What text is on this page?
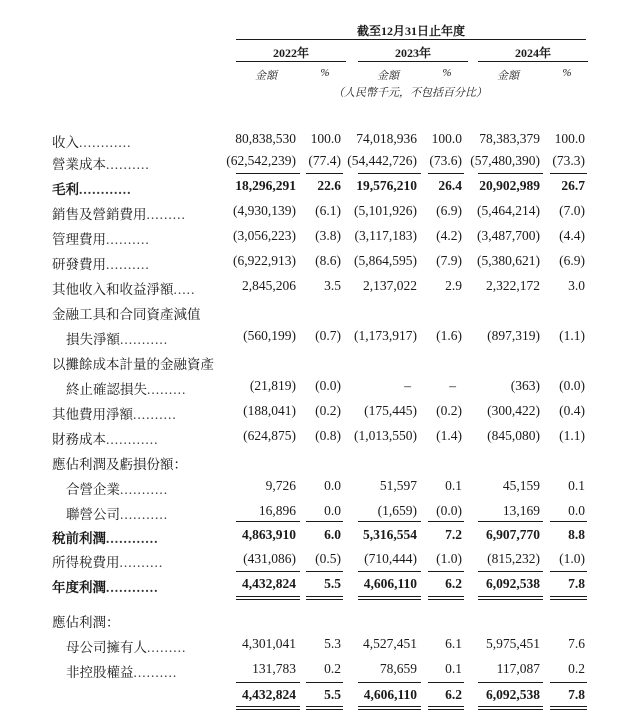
截至12月31日止年度
2022年	2023年	2024年
金額	%	金額	%	金額	%
（人民幣千元，不包括百分比）
收入............	80,838,530	100.0	74,018,936	100.0	78,383,379	100.0
營業成本..........	(62,542,239) (77.4) (54,442,726) (73.6) (57,480,390) (73.3)
毛利............	18,296,291	22.6	19,576,210	26.4	20,902,989	26.7
銷售及營銷費用.........	(4,930,139)	(6.1) (5,101,926)	(6.9)	(5,464,214)	(7.0)
管理費用..........	(3,056,223)	(3.8)	(3,117,183)	(4.2)	(3,487,700)	(4.4)
研發費用..........	(6,922,913)	(8.6) (5,864,595)	(7.9)	(5,380,621)	(6.9)
其他收入和收益淨額.....	2,845,206	3.5	2,137,022	2.9	2,322,172	3.0
金融工具和合同資產減值
損失淨額...........	(560,199)	(0.7) (1,173,917)	(1.6)	(897,319)	(1.1)
以攤餘成本計量的金融資產
終止確認損失.........	(21,819)	(0.0)	–	–	(363)	(0.0)
其他費用淨額..........	(188,041)	(0.2)	(175,445)	(0.2)	(300,422)	(0.4)
財務成本............	(624,875)	(0.8) (1,013,550)	(1.4)	(845,080)	(1.1)
應佔利潤及虧損份額：
合營企業...........	9,726	0.0	51,597	0.1	45,159	0.1
聯營公司...........	16,896	0.0	(1,659)	(0.0)	13,169	0.0
稅前利潤............	4,863,910	6.0	5,316,554	7.2	6,907,770	8.8
所得稅費用..........	(431,086)	(0.5)	(710,444)	(1.0)	(815,232)	(1.0)
年度利潤............	4,432,824	5.5	4,606,110	6.2	6,092,538	7.8
應佔利潤：
母公司擁有人.........	4,301,041	5.3	4,527,451	6.1	5,975,451	7.6
非控股權益..........	131,783	0.2	78,659	0.1	117,087	0.2
4,432,824	5.5	4,606,110	6.2	6,092,538	7.8
